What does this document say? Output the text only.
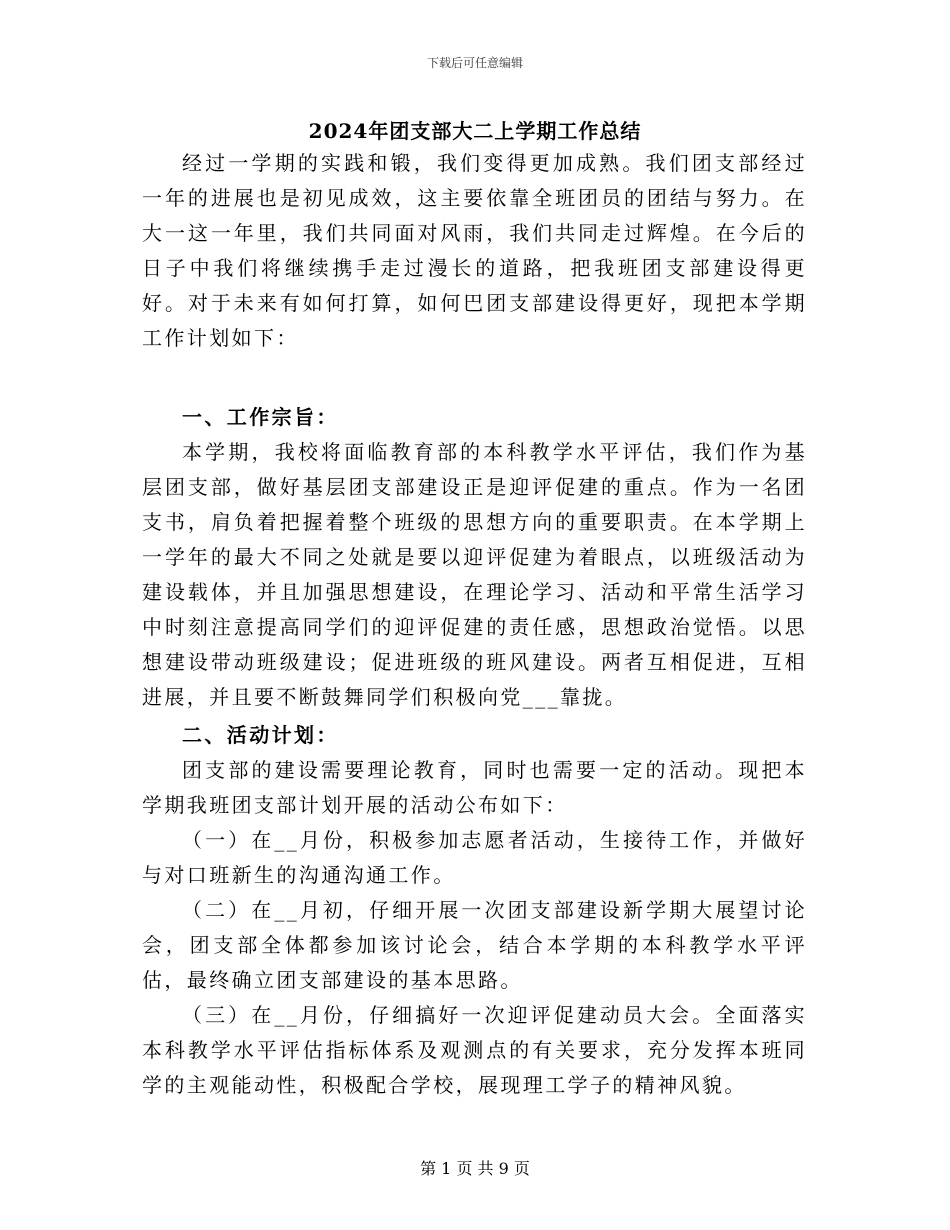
下载后可任意编辑
2024年团支部大二上学期工作总结

经过一学期的实践和锻，我们变得更加成熟。我们团支部经过一年的进展也是初见成效，这主要依靠全班团员的团结与努力。在大一这一年里，我们共同面对风雨，我们共同走过辉煌。在今后的日子中我们将继续携手走过漫长的道路，把我班团支部建设得更好。对于未来有如何打算，如何巴团支部建设得更好，现把本学期工作计划如下：

一、工作宗旨：

本学期，我校将面临教育部的本科教学水平评估，我们作为基层团支部，做好基层团支部建设正是迎评促建的重点。作为一名团支书，肩负着把握着整个班级的思想方向的重要职责。在本学期上一学年的最大不同之处就是要以迎评促建为着眼点，以班级活动为建设载体，并且加强思想建设，在理论学习、活动和平常生活学习中时刻注意提高同学们的迎评促建的责任感，思想政治觉悟。以思想建设带动班级建设；促进班级的班风建设。两者互相促进，互相进展，并且要不断鼓舞同学们积极向党___靠拢。

二、活动计划：

团支部的建设需要理论教育，同时也需要一定的活动。现把本学期我班团支部计划开展的活动公布如下：

（一）在__月份，积极参加志愿者活动，生接待工作，并做好与对口班新生的沟通沟通工作。

（二）在__月初，仔细开展一次团支部建设新学期大展望讨论会，团支部全体都参加该讨论会，结合本学期的本科教学水平评估，最终确立团支部建设的基本思路。

（三）在__月份，仔细搞好一次迎评促建动员大会。全面落实本科教学水平评估指标体系及观测点的有关要求，充分发挥本班同学的主观能动性，积极配合学校，展现理工学子的精神风貌。

第 1 页 共 9 页
